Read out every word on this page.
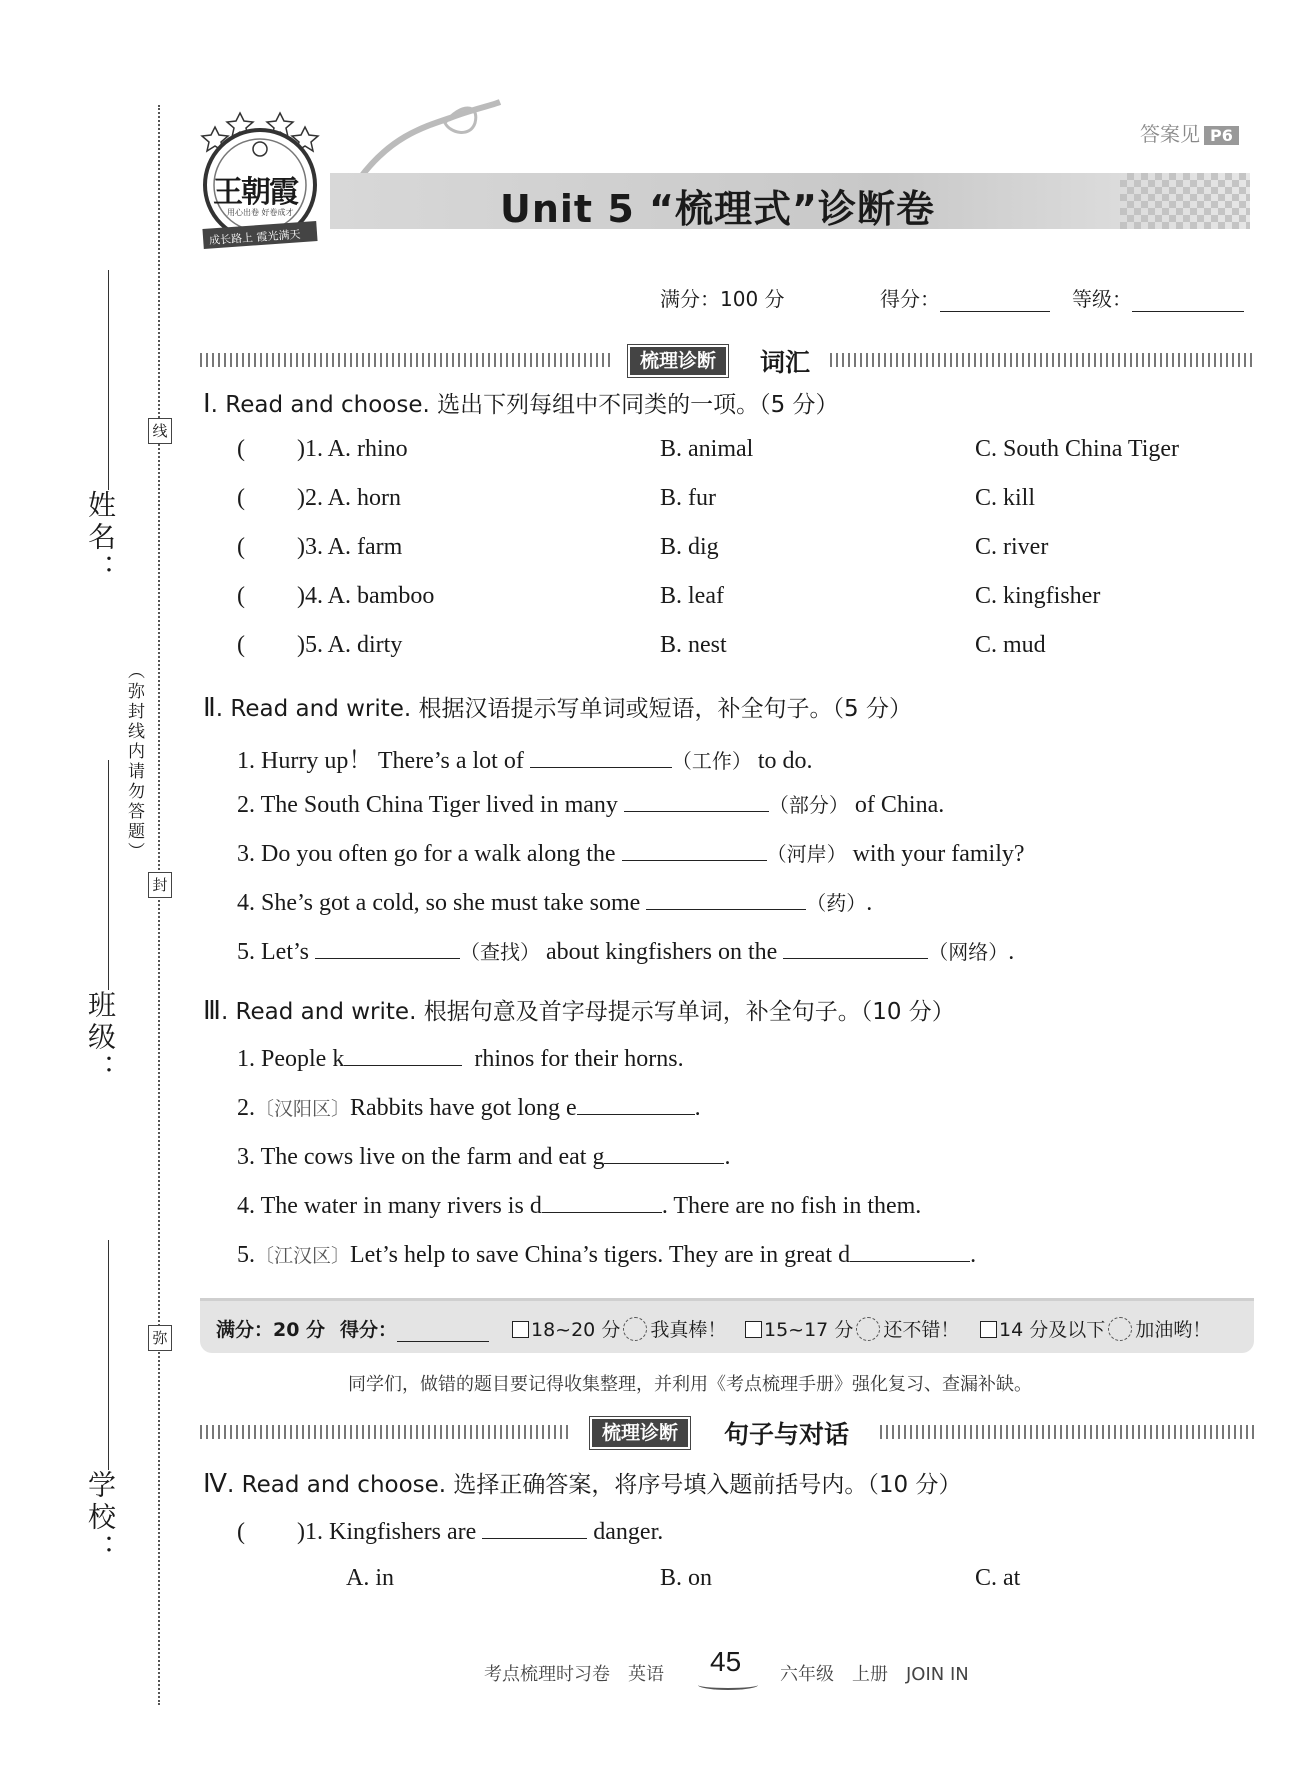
姓名：
班级：
学校：
（弥封线内请勿答题）
线
封
弥
答案见 P6
Unit 5 “梳理式”诊断卷
王朝霞
用心出卷 好卷成才
成长路上 霞光满天
满分：100 分	得分：	等级：
梳理诊断	词汇
Ⅰ. Read and choose. 选出下列每组中不同类的一项。（5 分）
( )1. A. rhino	B. animal	C. South China Tiger
( )2. A. horn	B. fur	C. kill
( )3. A. farm	B. dig	C. river
( )4. A. bamboo	B. leaf	C. kingfisher
( )5. A. dirty	B. nest	C. mud
Ⅱ. Read and write. 根据汉语提示写单词或短语，补全句子。（5 分）
1. Hurry up！ There’s a lot of	（工作） to do.
2. The South China Tiger lived in many	（部分） of China.
3. Do you often go for a walk along the	（河岸） with your family?
4. She’s got a cold, so she must take some	（药）.
5. Let’s	（查找） about kingfishers on the	（网络）.
Ⅲ. Read and write. 根据句意及首字母提示写单词，补全句子。（10 分）
1. People k	rhinos for their horns.
2.〔汉阳区〕Rabbits have got long e	.
3. The cows live on the farm and eat g	.
4. The water in many rivers is d	. There are no fish in them.
5.〔江汉区〕Let’s help to save China’s tigers. They are in great d	.
满分：20 分 得分：	18~20 分 我真棒！	15~17 分 还不错！	14 分及以下 加油哟！
同学们，做错的题目要记得收集整理，并利用《考点梳理手册》强化复习、查漏补缺。
梳理诊断	句子与对话
Ⅳ. Read and choose. 选择正确答案，将序号填入题前括号内。（10 分）
( )1. Kingfishers are	danger.
A. in	B. on	C. at
考点梳理时习卷　英语 45 六年级　上册　JOIN IN
